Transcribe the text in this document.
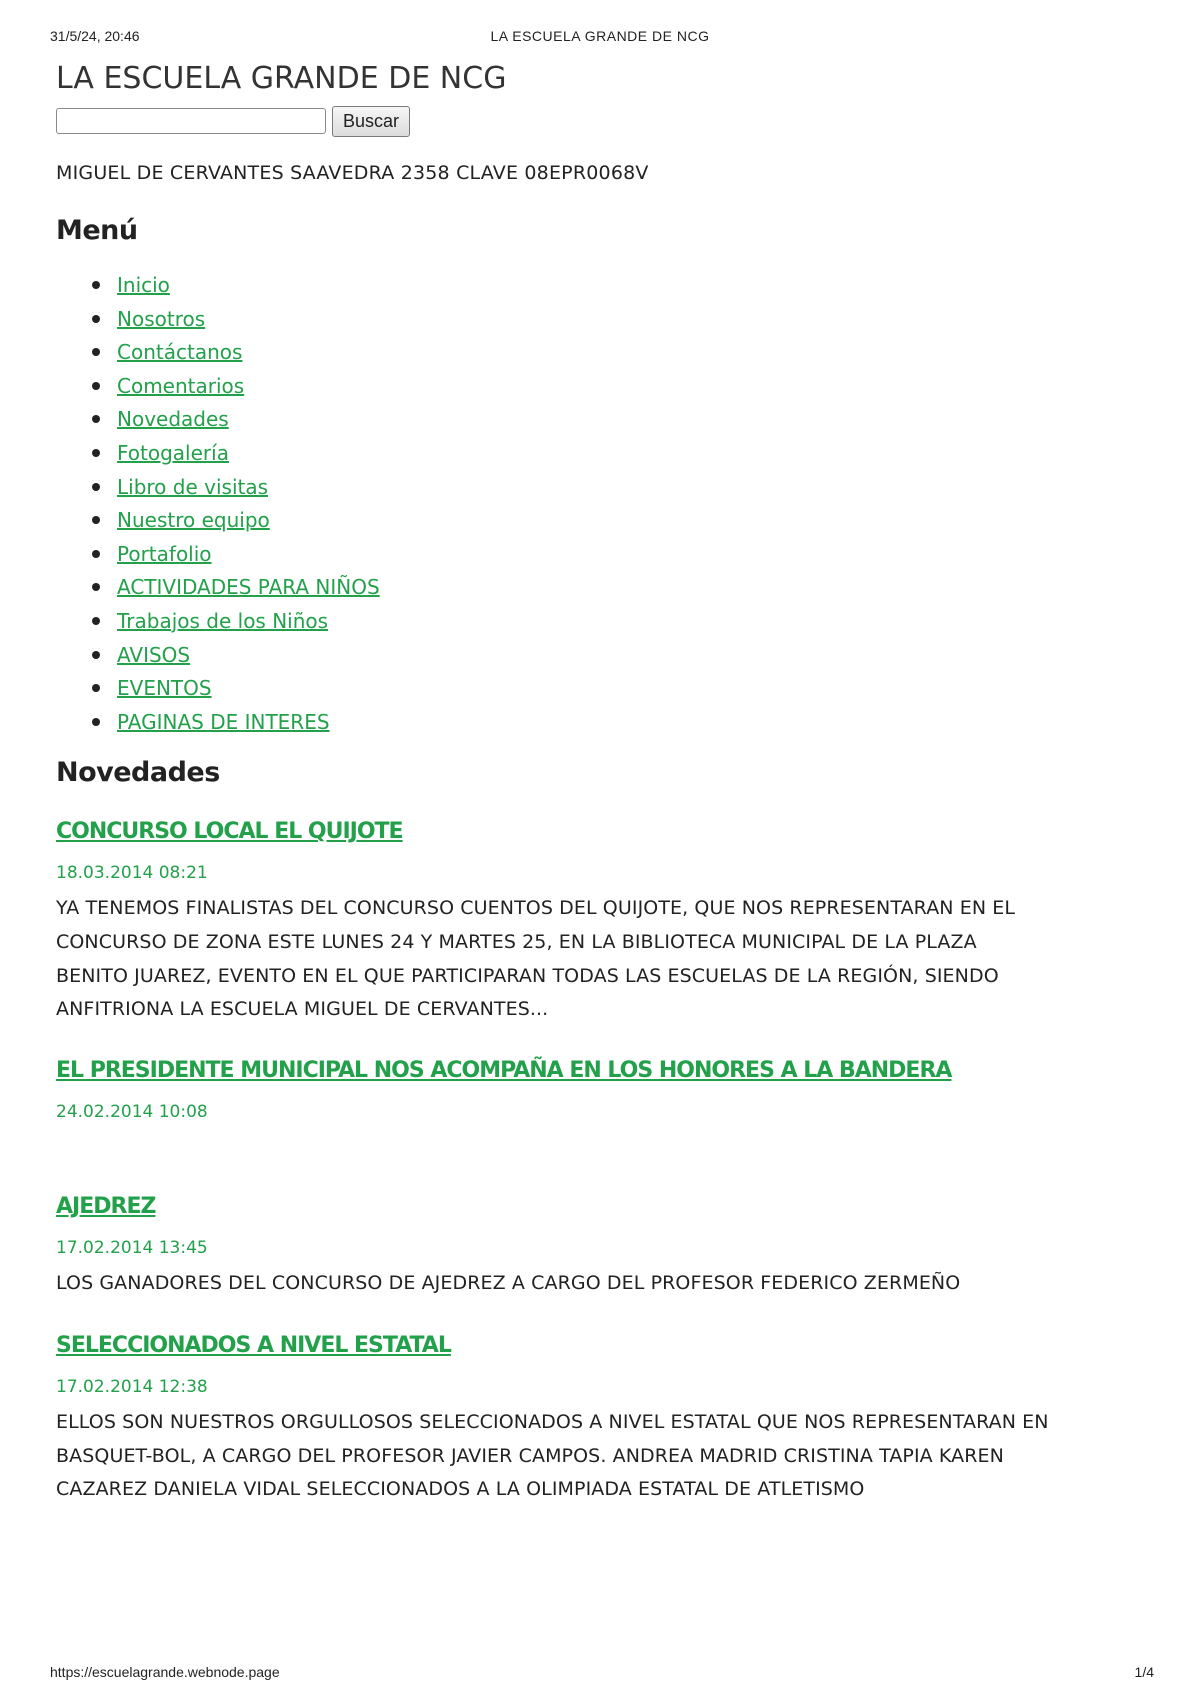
31/5/24, 20:46	LA ESCUELA GRANDE DE NCG
LA ESCUELA GRANDE DE NCG
Buscar
MIGUEL DE CERVANTES SAAVEDRA 2358 CLAVE 08EPR0068V
Menú
Inicio
Nosotros
Contáctanos
Comentarios
Novedades
Fotogalería
Libro de visitas
Nuestro equipo
Portafolio
ACTIVIDADES PARA NIÑOS
Trabajos de los Niños
AVISOS
EVENTOS
PAGINAS DE INTERES
Novedades
CONCURSO LOCAL EL QUIJOTE
18.03.2014 08:21
YA TENEMOS FINALISTAS DEL CONCURSO CUENTOS DEL QUIJOTE, QUE NOS REPRESENTARAN EN EL
CONCURSO DE ZONA ESTE LUNES 24 Y MARTES 25, EN LA BIBLIOTECA MUNICIPAL DE LA PLAZA
BENITO JUAREZ, EVENTO EN EL QUE PARTICIPARAN TODAS LAS ESCUELAS DE LA REGIÓN, SIENDO
ANFITRIONA LA ESCUELA MIGUEL DE CERVANTES...
EL PRESIDENTE MUNICIPAL NOS ACOMPAÑA EN LOS HONORES A LA BANDERA
24.02.2014 10:08
AJEDREZ
17.02.2014 13:45
LOS GANADORES DEL CONCURSO DE AJEDREZ A CARGO DEL PROFESOR FEDERICO ZERMEÑO
SELECCIONADOS A NIVEL ESTATAL
17.02.2014 12:38
ELLOS SON NUESTROS ORGULLOSOS SELECCIONADOS A NIVEL ESTATAL QUE NOS REPRESENTARAN EN
BASQUET-BOL, A CARGO DEL PROFESOR JAVIER CAMPOS. ANDREA MADRID CRISTINA TAPIA KAREN
CAZAREZ DANIELA VIDAL SELECCIONADOS A LA OLIMPIADA ESTATAL DE ATLETISMO
https://escuelagrande.webnode.page	1/4
